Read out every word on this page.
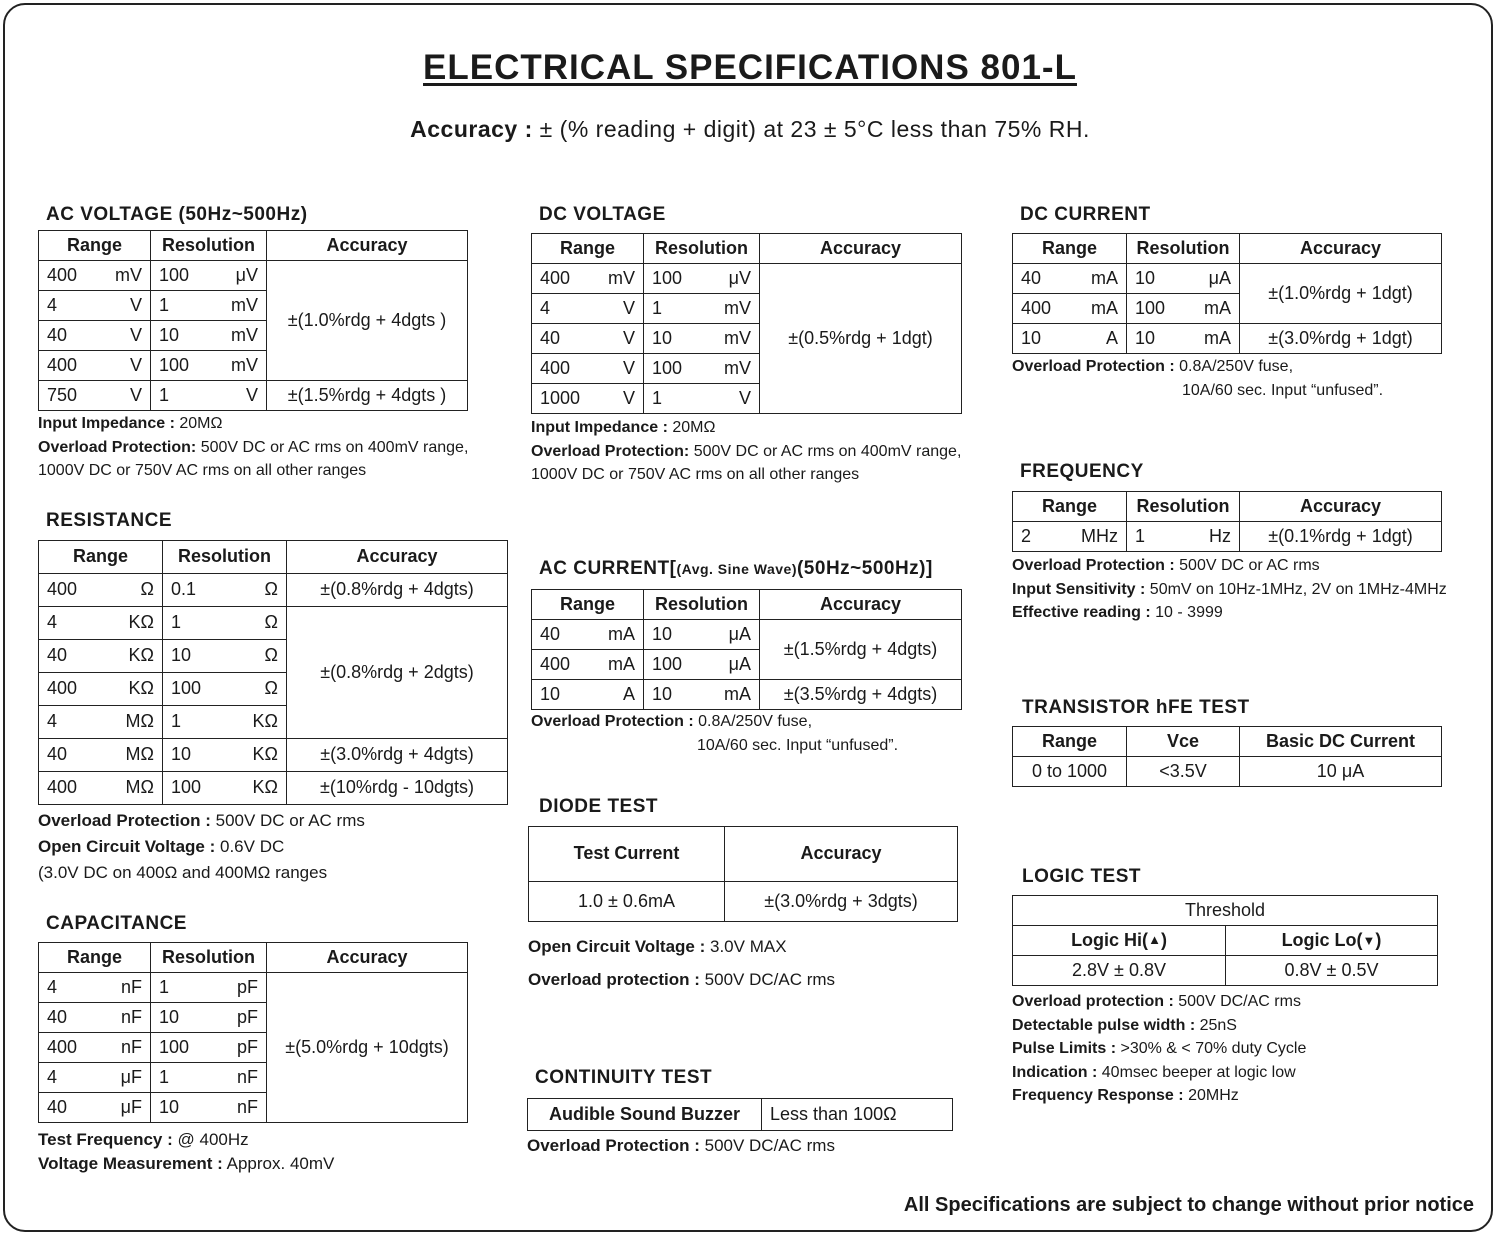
ELECTRICAL SPECIFICATIONS 801-L
Accuracy : ± (% reading + digit) at 23 ± 5°C less than 75% RH.
AC VOLTAGE (50Hz~500Hz)
Range	Resolution	Accuracy

400 mV	100 μV	±(1.0%rdg + 4dgts )

4 V	1 mV	

40 V	10 mV	

400 V	100 mV	

750 V	1 V	±(1.5%rdg + 4dgts )
Input Impedance : 20MΩ
Overload Protection: 500V DC or AC rms on 400mV range,
1000V DC or 750V AC rms on all other ranges
DC VOLTAGE
Range	Resolution	Accuracy

400 mV	100 μV	±(0.5%rdg + 1dgt)

4 V	1 mV	

40 V	10 mV	

400 V	100 mV	

1000 V	1 V	
Input Impedance : 20MΩ
Overload Protection: 500V DC or AC rms on 400mV range,
1000V DC or 750V AC rms on all other ranges
DC CURRENT
Range	Resolution	Accuracy

40 mA	10 μA	±(1.0%rdg + 1dgt)

400 mA	100 mA	

10 A	10 mA	±(3.0%rdg + 1dgt)
Overload Protection : 0.8A/250V fuse,
10A/60 sec. Input “unfused”.
RESISTANCE
Range	Resolution	Accuracy

400 Ω	0.1 Ω	±(0.8%rdg + 4dgts)

4 KΩ	1 Ω	±(0.8%rdg + 2dgts)

40 KΩ	10 Ω	

400 KΩ	100 Ω	

4 MΩ	1 KΩ	

40 MΩ	10 KΩ	±(3.0%rdg + 4dgts)

400 MΩ	100 KΩ	±(10%rdg - 10dgts)
Overload Protection : 500V DC or AC rms
Open Circuit Voltage : 0.6V DC
(3.0V DC on 400Ω and 400MΩ ranges
AC CURRENT[(Avg. Sine Wave)(50Hz~500Hz)]
Range	Resolution	Accuracy

40 mA	10 μA	±(1.5%rdg + 4dgts)

400 mA	100 μA	

10 A	10 mA	±(3.5%rdg + 4dgts)
Overload Protection : 0.8A/250V fuse,
10A/60 sec. Input “unfused”.
FREQUENCY
Range	Resolution	Accuracy

2 MHz	1 Hz	±(0.1%rdg + 1dgt)
Overload Protection : 500V DC or AC rms
Input Sensitivity : 50mV on 10Hz-1MHz, 2V on 1MHz-4MHz
Effective reading : 10 - 3999
TRANSISTOR hFE TEST
Range	Vce	Basic DC Current
0 to 1000	<3.5V	10 μA
DIODE TEST
Test Current	Accuracy
1.0 ± 0.6mA	±(3.0%rdg + 3dgts)
Open Circuit Voltage : 3.0V MAX
Overload protection : 500V DC/AC rms
CAPACITANCE
Range	Resolution	Accuracy

4 nF	1 pF	±(5.0%rdg + 10dgts)

40 nF	10 pF	

400 nF	100 pF	

4 μF	1 nF	

40 μF	10 nF	
Test Frequency : @ 400Hz
Voltage Measurement : Approx. 40mV
LOGIC TEST
Threshold	
Logic Hi(▲)	Logic Lo(▼)
2.8V ± 0.8V	0.8V ± 0.5V
Overload protection : 500V DC/AC rms
Detectable pulse width : 25nS
Pulse Limits : >30% & < 70% duty Cycle
Indication : 40msec beeper at logic low
Frequency Response : 20MHz
CONTINUITY TEST
Audible Sound Buzzer	Less than 100Ω
Overload Protection : 500V DC/AC rms
All Specifications are subject to change without prior notice
